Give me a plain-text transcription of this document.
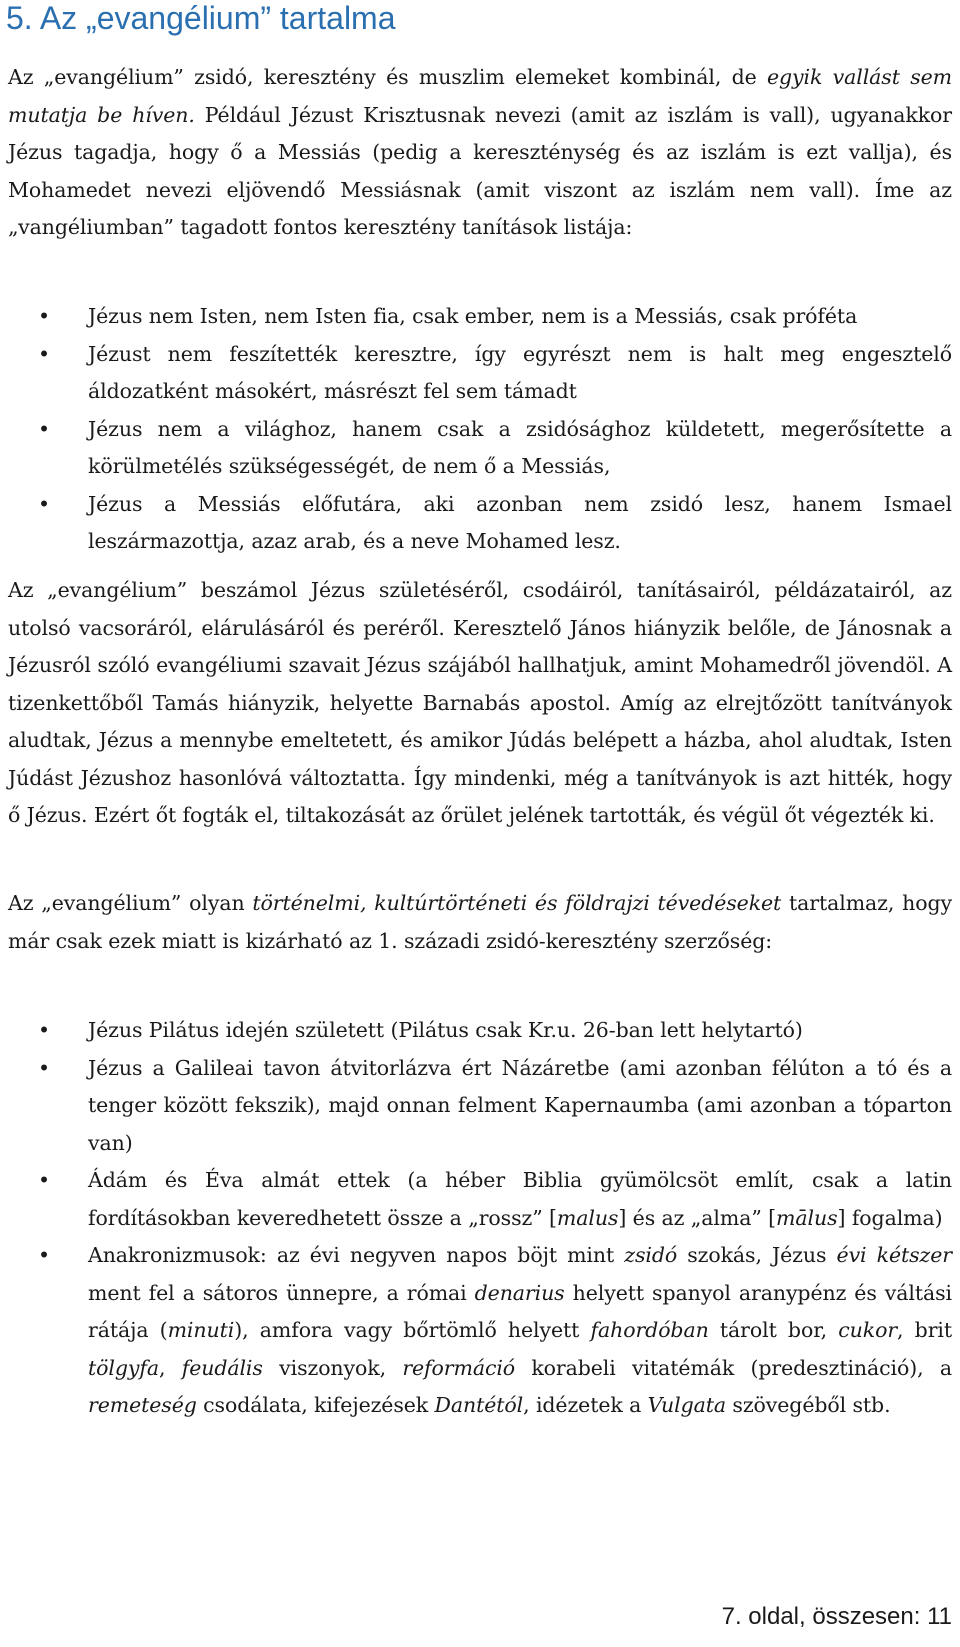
5. Az „evangélium” tartalma

Az „evangélium” zsidó, keresztény és muszlim elemeket kombinál, de egyik vallást sem mutatja be híven. Például Jézust Krisztusnak nevezi (amit az iszlám is vall), ugyanakkor Jézus tagadja, hogy ő a Messiás (pedig a kereszténység és az iszlám is ezt vallja), és Mohamedet nevezi eljövendő Messiásnak (amit viszont az iszlám nem vall). Íme az „vangéliumban” tagadott fontos keresztény tanítások listája:

• Jézus nem Isten, nem Isten fia, csak ember, nem is a Messiás, csak próféta
• Jézust nem feszítették keresztre, így egyrészt nem is halt meg engesztelő áldozatként másokért, másrészt fel sem támadt
• Jézus nem a világhoz, hanem csak a zsidósághoz küldetett, megerősítette a körülmetélés szükségességét, de nem ő a Messiás,
• Jézus a Messiás előfutára, aki azonban nem zsidó lesz, hanem Ismael leszármazottja, azaz arab, és a neve Mohamed lesz.

Az „evangélium” beszámol Jézus születéséről, csodáiról, tanításairól, példázatairól, az utolsó vacsoráról, elárulásáról és peréről. Keresztelő János hiányzik belőle, de Jánosnak a Jézusról szóló evangéliumi szavait Jézus szájából hallhatjuk, amint Mohamedről jövendöl. A tizenkettőből Tamás hiányzik, helyette Barnabás apostol. Amíg az elrejtőzött tanítványok aludtak, Jézus a mennybe emeltetett, és amikor Júdás belépett a házba, ahol aludtak, Isten Júdást Jézushoz hasonlóvá változtatta. Így mindenki, még a tanítványok is azt hitték, hogy ő Jézus. Ezért őt fogták el, tiltakozását az őrület jelének tartották, és végül őt végezték ki.

Az „evangélium” olyan történelmi, kultúrtörténeti és földrajzi tévedéseket tartalmaz, hogy már csak ezek miatt is kizárható az 1. századi zsidó-keresztény szerzőség:

• Jézus Pilátus idején született (Pilátus csak Kr.u. 26-ban lett helytartó)
• Jézus a Galileai tavon átvitorlázva ért Názáretbe (ami azonban félúton a tó és a tenger között fekszik), majd onnan felment Kapernaumba (ami azonban a tóparton van)
• Ádám és Éva almát ettek (a héber Biblia gyümölcsöt említ, csak a latin fordításokban keveredhetett össze a „rossz” [malus] és az „alma” [mālus] fogalma)
• Anakronizmusok: az évi negyven napos böjt mint zsidó szokás, Jézus évi kétszer ment fel a sátoros ünnepre, a római denarius helyett spanyol aranypénz és váltási rátája (minuti), amfora vagy bőrtömlő helyett fahordóban tárolt bor, cukor, brit tölgyfa, feudális viszonyok, reformáció korabeli vitatémák (predesztináció), a remeteség csodálata, kifejezések Dantétól, idézetek a Vulgata szövegéből stb.

7. oldal, összesen: 11
